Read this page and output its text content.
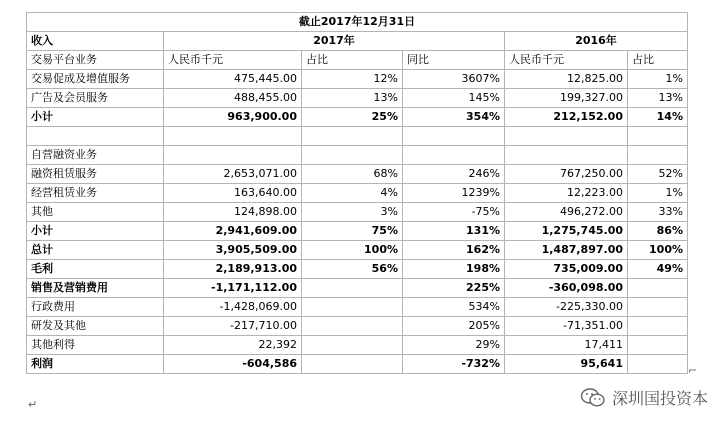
截止2017年12月31日					
收入	2017年			2016年	
交易平台业务	人民币千元	占比	同比	人民币千元	占比
交易促成及增值服务	475,445.00	12%	3607%	12,825.00	1%
广告及会员服务	488,455.00	13%	145%	199,327.00	13%
小计	963,900.00	25%	354%	212,152.00	14%

自营融资业务					
融资租赁服务	2,653,071.00	68%	246%	767,250.00	52%
经营租赁业务	163,640.00	4%	1239%	12,223.00	1%
其他	124,898.00	3%	-75%	496,272.00	33%
小计	2,941,609.00	75%	131%	1,275,745.00	86%
总计	3,905,509.00	100%	162%	1,487,897.00	100%
毛利	2,189,913.00	56%	198%	735,009.00	49%
销售及营销费用	-1,171,112.00		225%	-360,098.00	
行政费用	-1,428,069.00		534%	-225,330.00	
研发及其他	-217,710.00		205%	-71,351.00	
其他利得	22,392		29%	17,411	
利润	-604,586		-732%	95,641	
⌐
↵	深圳国投资本
